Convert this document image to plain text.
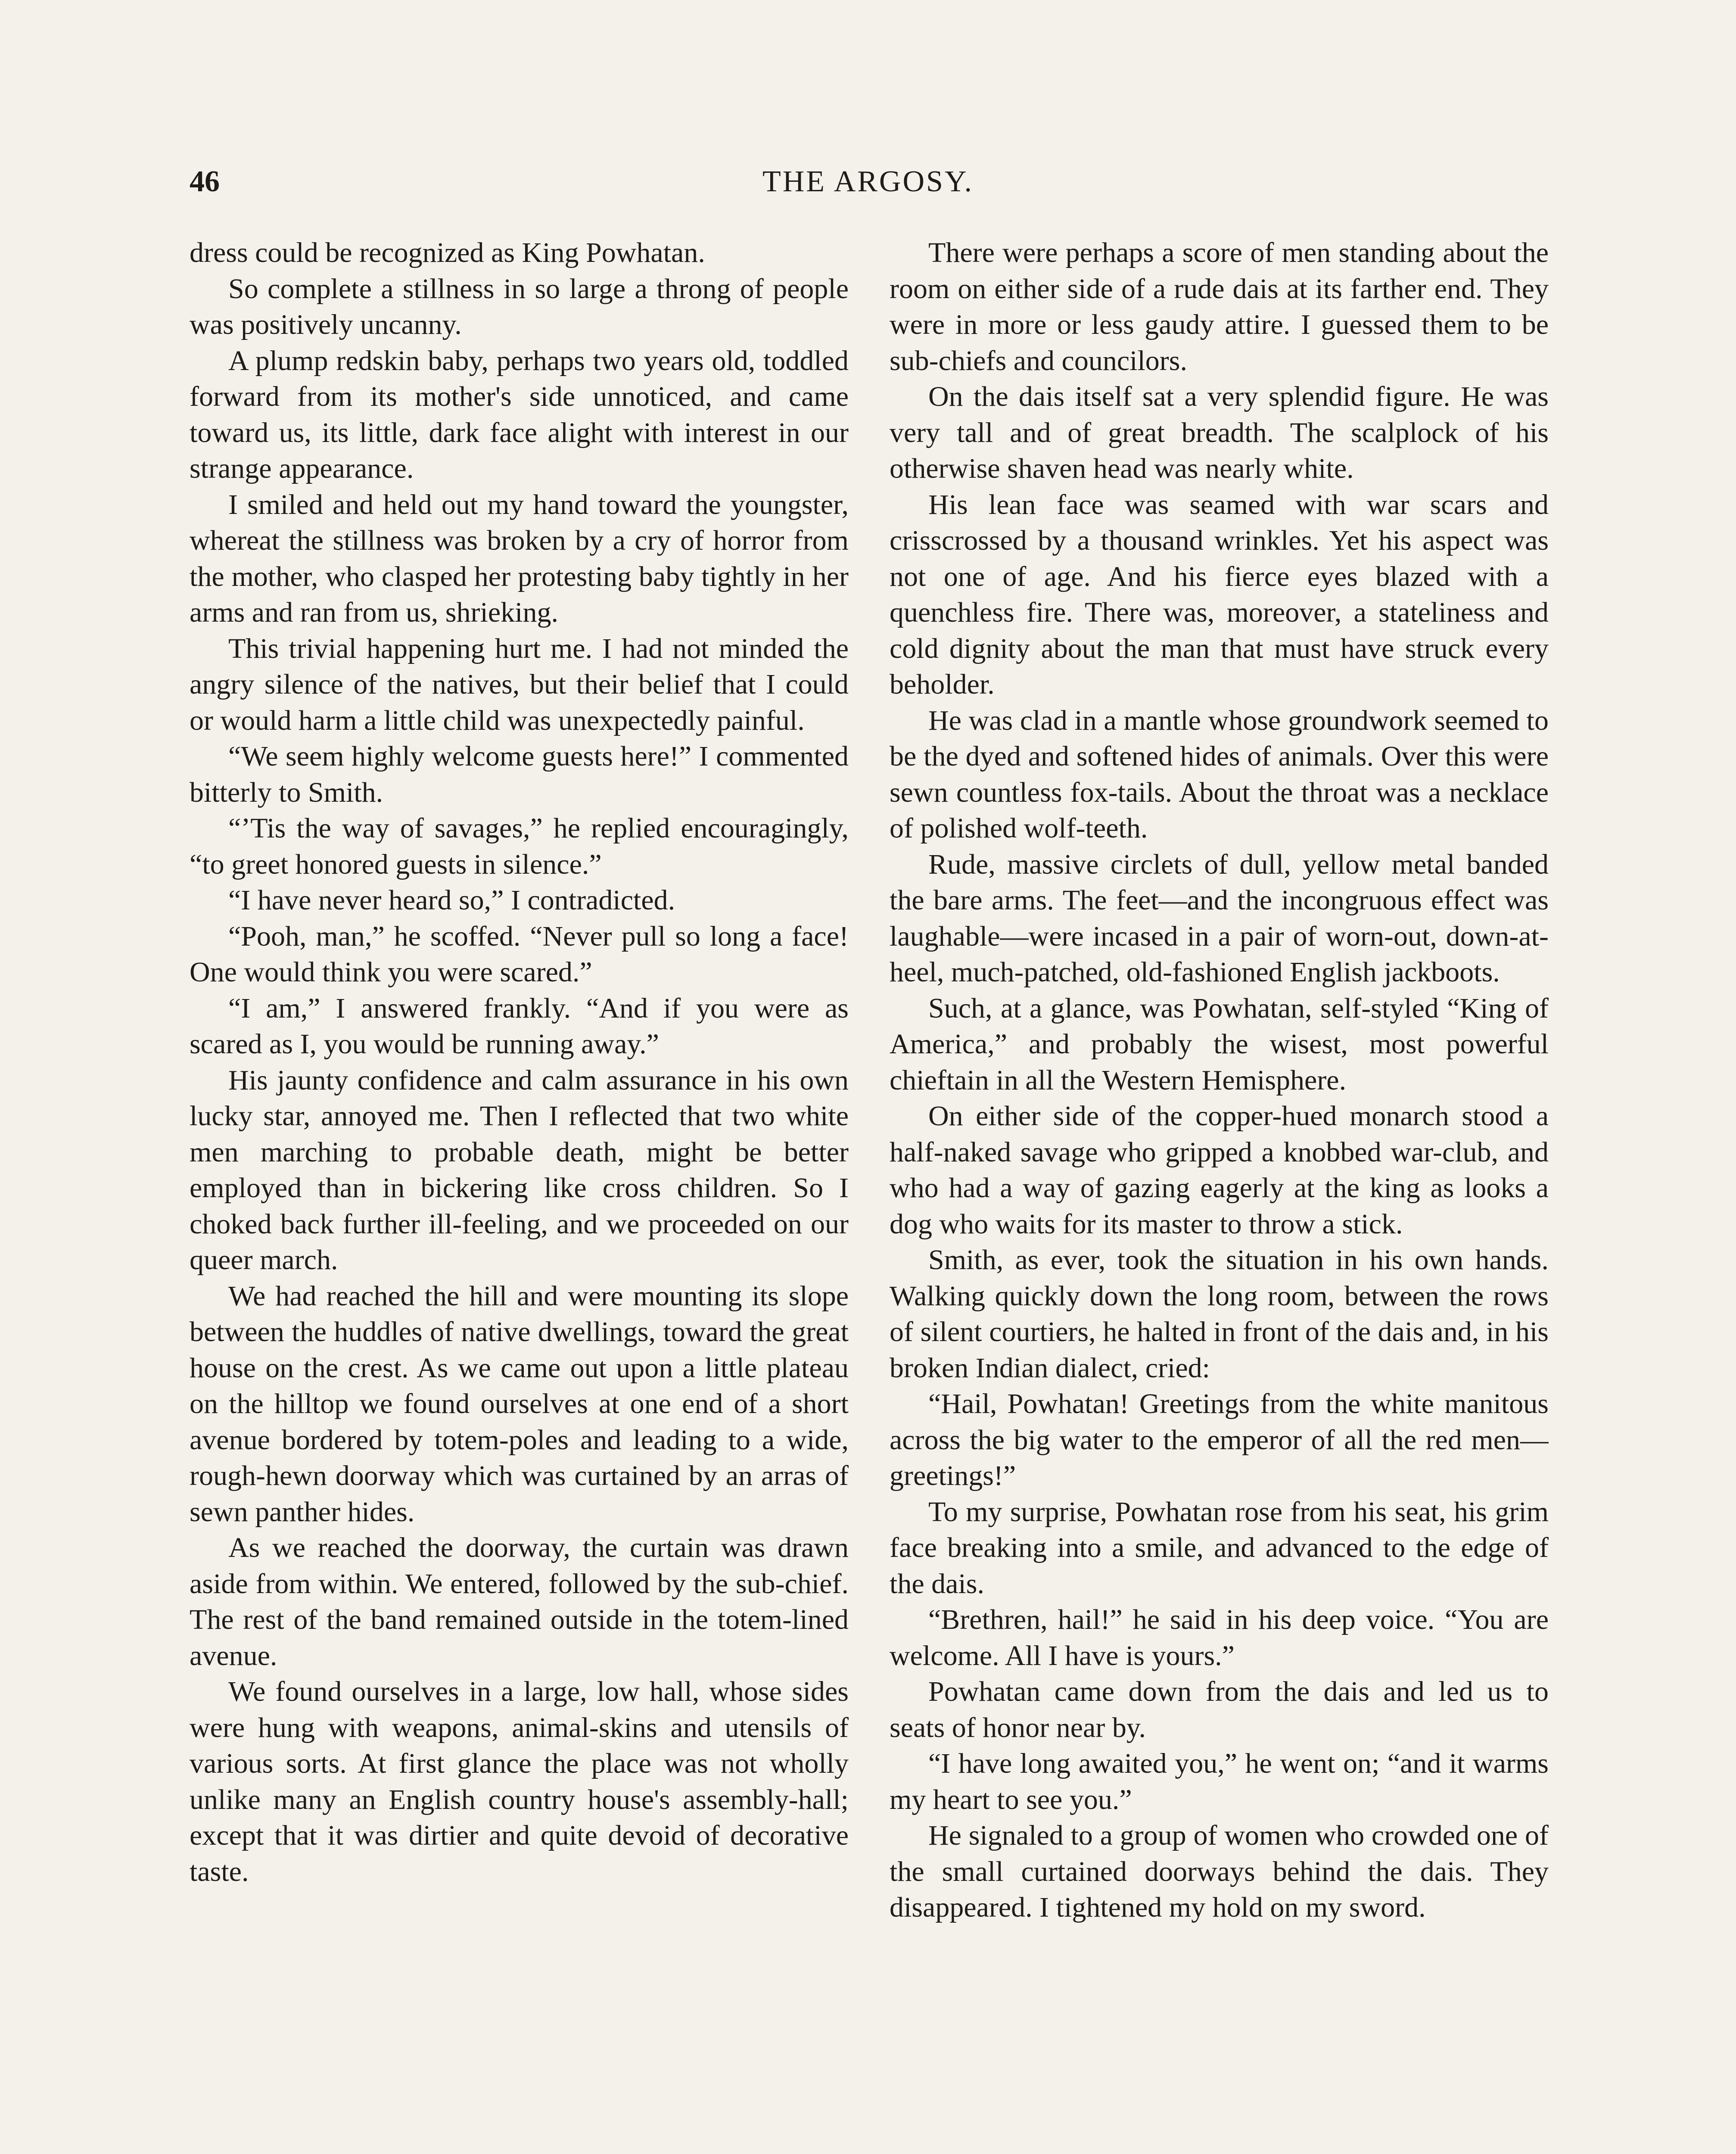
46	THE ARGOSY.

dress could be recognized as King Powhatan.

So complete a stillness in so large a throng of people was positively uncanny.

A plump redskin baby, perhaps two years old, toddled forward from its mother's side unnoticed, and came toward us, its little, dark face alight with interest in our strange appearance.

I smiled and held out my hand toward the youngster, whereat the stillness was broken by a cry of horror from the mother, who clasped her protesting baby tightly in her arms and ran from us, shrieking.

This trivial happening hurt me. I had not minded the angry silence of the natives, but their belief that I could or would harm a little child was unexpectedly painful.

“We seem highly welcome guests here!” I commented bitterly to Smith.

“’Tis the way of savages,” he replied encouragingly, “to greet honored guests in silence.”

“I have never heard so,” I contradicted.

“Pooh, man,” he scoffed. “Never pull so long a face! One would think you were scared.”

“I am,” I answered frankly. “And if you were as scared as I, you would be running away.”

His jaunty confidence and calm assurance in his own lucky star, annoyed me. Then I reflected that two white men marching to probable death, might be better employed than in bickering like cross children. So I choked back further ill-feeling, and we proceeded on our queer march.

We had reached the hill and were mounting its slope between the huddles of native dwellings, toward the great house on the crest. As we came out upon a little plateau on the hilltop we found ourselves at one end of a short avenue bordered by totem-poles and leading to a wide, rough-hewn doorway which was curtained by an arras of sewn panther hides.

As we reached the doorway, the curtain was drawn aside from within. We entered, followed by the sub-chief. The rest of the band remained outside in the totem-lined avenue.

We found ourselves in a large, low hall, whose sides were hung with weapons, animal-skins and utensils of various sorts. At first glance the place was not wholly unlike many an English country house's assembly-hall; except that it was dirtier and quite devoid of decorative taste.

There were perhaps a score of men standing about the room on either side of a rude dais at its farther end. They were in more or less gaudy attire. I guessed them to be sub-chiefs and councilors.

On the dais itself sat a very splendid figure. He was very tall and of great breadth. The scalplock of his otherwise shaven head was nearly white.

His lean face was seamed with war scars and crisscrossed by a thousand wrinkles. Yet his aspect was not one of age. And his fierce eyes blazed with a quenchless fire. There was, moreover, a stateliness and cold dignity about the man that must have struck every beholder.

He was clad in a mantle whose groundwork seemed to be the dyed and softened hides of animals. Over this were sewn countless fox-tails. About the throat was a necklace of polished wolf-teeth.

Rude, massive circlets of dull, yellow metal banded the bare arms. The feet—and the incongruous effect was laughable—were incased in a pair of worn-out, down-at-heel, much-patched, old-fashioned English jackboots.

Such, at a glance, was Powhatan, self-styled “King of America,” and probably the wisest, most powerful chieftain in all the Western Hemisphere.

On either side of the copper-hued monarch stood a half-naked savage who gripped a knobbed war-club, and who had a way of gazing eagerly at the king as looks a dog who waits for its master to throw a stick.

Smith, as ever, took the situation in his own hands. Walking quickly down the long room, between the rows of silent courtiers, he halted in front of the dais and, in his broken Indian dialect, cried:

“Hail, Powhatan! Greetings from the white manitous across the big water to the emperor of all the red men—greetings!”

To my surprise, Powhatan rose from his seat, his grim face breaking into a smile, and advanced to the edge of the dais.

“Brethren, hail!” he said in his deep voice. “You are welcome. All I have is yours.”

Powhatan came down from the dais and led us to seats of honor near by.

“I have long awaited you,” he went on; “and it warms my heart to see you.”

He signaled to a group of women who crowded one of the small curtained doorways behind the dais. They disappeared. I tightened my hold on my sword.
